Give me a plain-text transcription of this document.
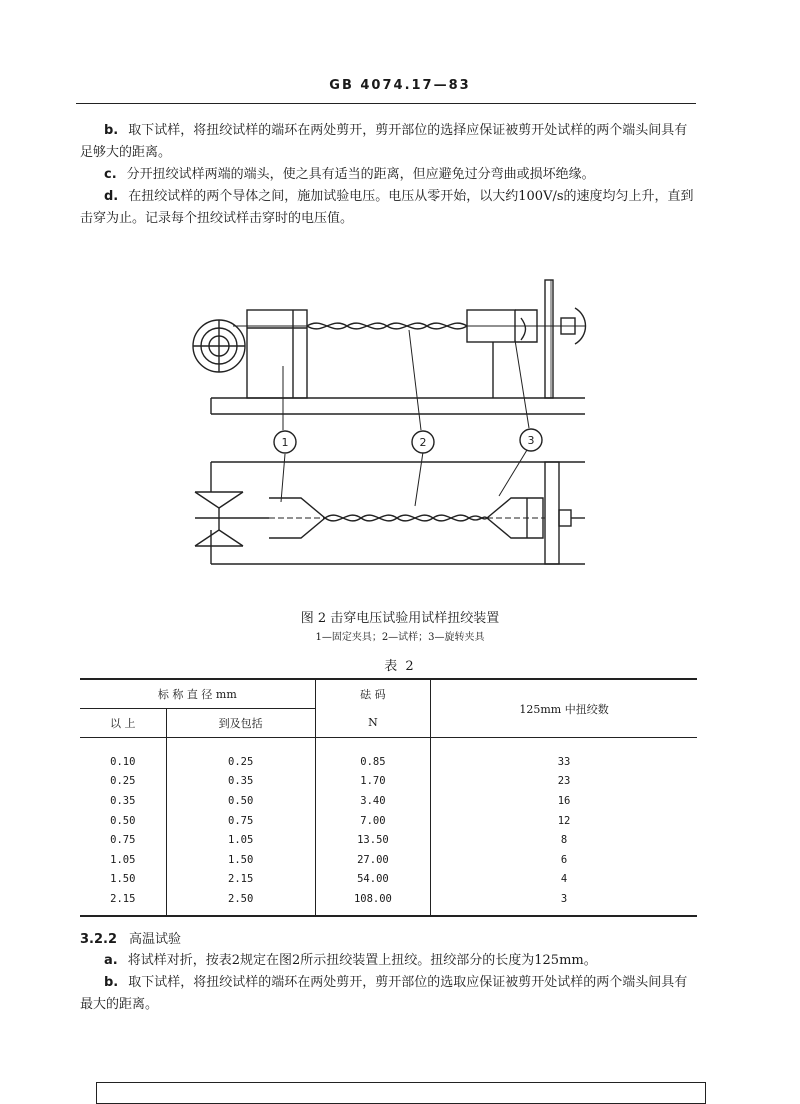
GB 4074.17—83
b. 取下试样，将扭绞试样的端环在两处剪开，剪开部位的选择应保证被剪开处试样的两个端头间具有足够大的距离。
c. 分开扭绞试样两端的端头，使之具有适当的距离，但应避免过分弯曲或损坏绝缘。
d. 在扭绞试样的两个导体之间，施加试验电压。电压从零开始，以大约100V/s的速度均匀上升，直到击穿为止。记录每个扭绞试样击穿时的电压值。
1	2	3
图 2 击穿电压试验用试样扭绞装置
1—固定夹具；2—试样；3—旋转夹具
表 2
标 称 直 径 mm		砝 码	125mm 中扭绞数
以 上	到及包括	N	
0.10	0.25	0.85	33
0.25	0.35	1.70	23
0.35	0.50	3.40	16
0.50	0.75	7.00	12
0.75	1.05	13.50	8
1.05	1.50	27.00	6
1.50	2.15	54.00	4
2.15	2.50	108.00	3
3.2.2 高温试验
a. 将试样对折，按表2规定在图2所示扭绞装置上扭绞。扭绞部分的长度为125mm。
b. 取下试样，将扭绞试样的端环在两处剪开，剪开部位的选取应保证被剪开处试样的两个端头间具有最大的距离。
